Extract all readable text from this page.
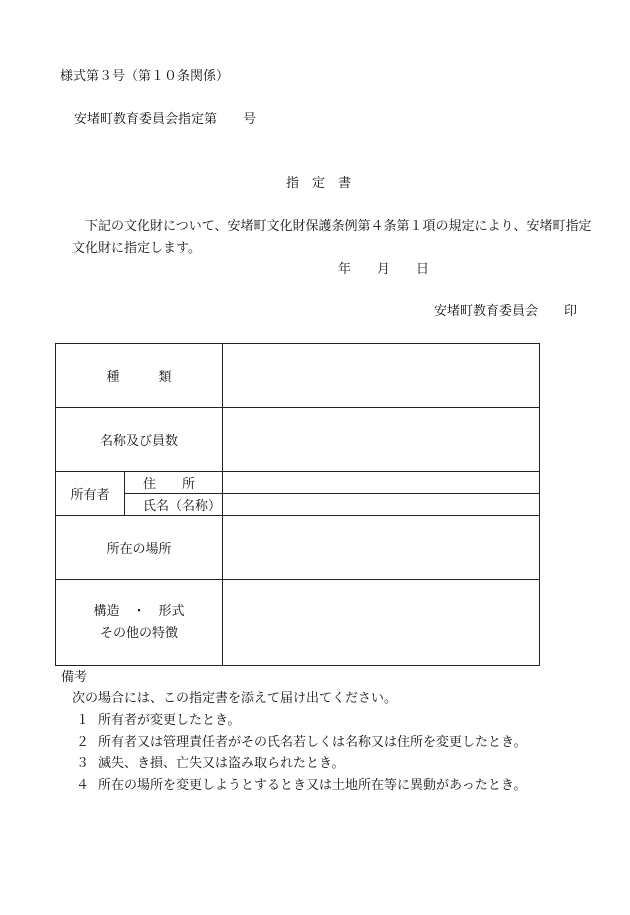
様式第３号（第１０条関係）
安堵町教育委員会指定第　　号
指　定　書
下記の文化財について、安堵町文化財保護条例第４条第１項の規定により、安堵町指定
文化財に指定します。
年　　月　　日
安堵町教育委員会　　印
種　　　類		
名称及び員数		
所有者	住　　所	
	氏名（名称）	
所在の場所		

構造　・　形式
その他の特徴		

備考
次の場合には、この指定書を添えて届け出てください。
１ 所有者が変更したとき。
２ 所有者又は管理責任者がその氏名若しくは名称又は住所を変更したとき。
３ 滅失、き損、亡失又は盗み取られたとき。
４ 所在の場所を変更しようとするとき又は土地所在等に異動があったとき。
